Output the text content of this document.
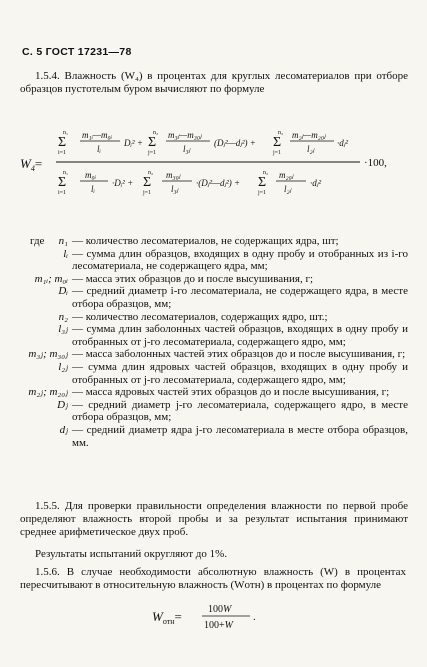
С. 5 ГОСТ 17231—78
1.5.4. Влажность (W₄) в процентах для круглых лесоматериалов при отборе образцов пустотелым буром вычисляют по формуле
$W_4=$
n₁
Σ
i=1
m₁ᵢ—m₀ᵢ
lᵢ
Dᵢ² +
n₂
Σ
j=1
m₃ⱼ—m₃₀ⱼ
l₃ⱼ
(Dⱼ²—dⱼ²) +
n₂
Σ
j=1
m₂ⱼ—m₂₀ⱼ
l₂ⱼ
·dⱼ²
·100,
n₁
Σ
i=1
m₀ᵢ
lᵢ
·Dᵢ² +
n₂
Σ
j=1
m₃₀ⱼ
l₃ⱼ
·(Dⱼ²—dⱼ²) +
n₂
Σ
j=1
m₂₀ⱼ
l₂ⱼ
·dⱼ²
где n₁ — количество лесоматериалов, не содержащих ядра, шт;
lᵢ — сумма длин образцов, входящих в одну пробу и отобранных из i-го лесоматериала, не содержащего ядра, мм;
m₁ᵢ; m₀ᵢ — масса этих образцов до и после высушивания, г;
Dᵢ — средний диаметр i-го лесоматериала, не содержащего ядра, в месте отбора образцов, мм;
n₂ — количество лесоматериалов, содержащих ядро, шт.;
l₃ⱼ — сумма длин заболонных частей образцов, входящих в одну пробу и отобранных от j-го лесоматериала, содержащего ядро, мм;
m₃ⱼ; m₃₀ⱼ — масса заболонных частей этих образцов до и после высушивания, г;
l₂ⱼ — сумма длин ядровых частей образцов, входящих в одну пробу и отобранных от j-го лесоматериала, содержащего ядро, мм;
m₂ⱼ; m₂₀ⱼ — масса ядровых частей этих образцов до и после высушивания, г;
Dⱼ — средний диаметр j-го лесоматериала, содержащего ядро, в месте отбора образцов, мм;
dⱼ — средний диаметр ядра j-го лесоматериала в месте отбора образцов, мм.
1.5.5. Для проверки правильности определения влажности по первой пробе определяют влажность второй пробы и за результат испытания принимают среднее арифметическое двух проб.
Результаты испытаний округляют до 1%.
1.5.6. В случае необходимости абсолютную влажность (W) в процентах пересчитывают в относительную влажность (Wотн) в процентах по формуле
$W_{отн}=$	100W
100+W
.
